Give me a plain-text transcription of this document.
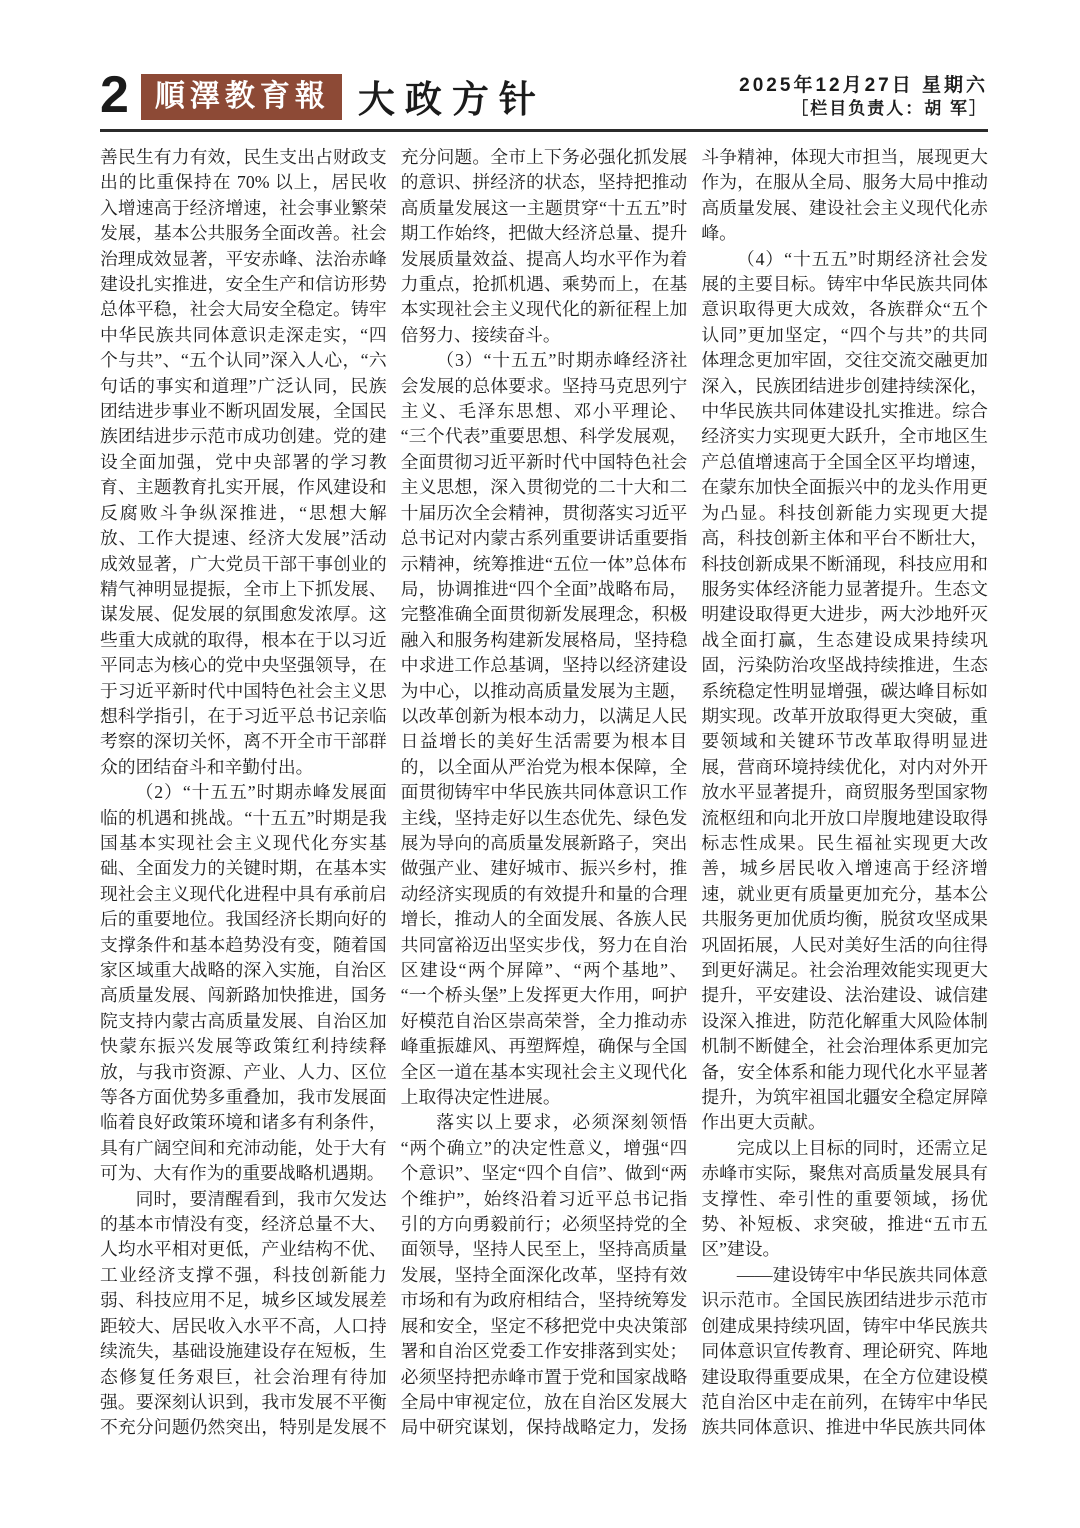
2 順澤教育報 大政方针	2025年12月27日 星期六
［栏目负责人：胡 军］

善民生有力有效，民生支出占财政支出的比重保持在 70% 以上，居民收入增速高于经济增速，社会事业繁荣发展，基本公共服务全面改善。社会治理成效显著，平安赤峰、法治赤峰建设扎实推进，安全生产和信访形势总体平稳，社会大局安全稳定。铸牢中华民族共同体意识走深走实，“四个与共”、“五个认同”深入人心，“六句话的事实和道理”广泛认同，民族团结进步事业不断巩固发展，全国民族团结进步示范市成功创建。党的建设全面加强，党中央部署的学习教育、主题教育扎实开展，作风建设和反腐败斗争纵深推进，“思想大解放、工作大提速、经济大发展”活动成效显著，广大党员干部干事创业的精气神明显提振，全市上下抓发展、谋发展、促发展的氛围愈发浓厚。这些重大成就的取得，根本在于以习近平同志为核心的党中央坚强领导，在于习近平新时代中国特色社会主义思想科学指引，在于习近平总书记亲临考察的深切关怀，离不开全市干部群众的团结奋斗和辛勤付出。

（2）“十五五”时期赤峰发展面临的机遇和挑战。“十五五”时期是我国基本实现社会主义现代化夯实基础、全面发力的关键时期，在基本实现社会主义现代化进程中具有承前启后的重要地位。我国经济长期向好的支撑条件和基本趋势没有变，随着国家区域重大战略的深入实施，自治区高质量发展、闯新路加快推进，国务院支持内蒙古高质量发展、自治区加快蒙东振兴发展等政策红利持续释放，与我市资源、产业、人力、区位等各方面优势多重叠加，我市发展面临着良好政策环境和诸多有利条件，具有广阔空间和充沛动能，处于大有可为、大有作为的重要战略机遇期。

同时，要清醒看到，我市欠发达的基本市情没有变，经济总量不大、人均水平相对更低，产业结构不优、工业经济支撑不强，科技创新能力弱、科技应用不足，城乡区域发展差距较大、居民收入水平不高，人口持续流失，基础设施建设存在短板，生态修复任务艰巨，社会治理有待加强。要深刻认识到，我市发展不平衡不充分问题仍然突出，特别是发展不充分问题。全市上下务必强化抓发展的意识、拼经济的状态，坚持把推动高质量发展这一主题贯穿“十五五”时期工作始终，把做大经济总量、提升发展质量效益、提高人均水平作为着力重点，抢抓机遇、乘势而上，在基本实现社会主义现代化的新征程上加倍努力、接续奋斗。

（3）“十五五”时期赤峰经济社会发展的总体要求。坚持马克思列宁主义、毛泽东思想、邓小平理论、“三个代表”重要思想、科学发展观，全面贯彻习近平新时代中国特色社会主义思想，深入贯彻党的二十大和二十届历次全会精神，贯彻落实习近平总书记对内蒙古系列重要讲话重要指示精神，统筹推进“五位一体”总体布局，协调推进“四个全面”战略布局，完整准确全面贯彻新发展理念，积极融入和服务构建新发展格局，坚持稳中求进工作总基调，坚持以经济建设为中心，以推动高质量发展为主题，以改革创新为根本动力，以满足人民日益增长的美好生活需要为根本目的，以全面从严治党为根本保障，全面贯彻铸牢中华民族共同体意识工作主线，坚持走好以生态优先、绿色发展为导向的高质量发展新路子，突出做强产业、建好城市、振兴乡村，推动经济实现质的有效提升和量的合理增长，推动人的全面发展、各族人民共同富裕迈出坚实步伐，努力在自治区建设“两个屏障”、“两个基地”、“一个桥头堡”上发挥更大作用，呵护好模范自治区崇高荣誉，全力推动赤峰重振雄风、再塑辉煌，确保与全国全区一道在基本实现社会主义现代化上取得决定性进展。

落实以上要求，必须深刻领悟“两个确立”的决定性意义，增强“四个意识”、坚定“四个自信”、做到“两个维护”，始终沿着习近平总书记指引的方向勇毅前行；必须坚持党的全面领导，坚持人民至上，坚持高质量发展，坚持全面深化改革，坚持有效市场和有为政府相结合，坚持统筹发展和安全，坚定不移把党中央决策部署和自治区党委工作安排落到实处；必须坚持把赤峰市置于党和国家战略全局中审视定位，放在自治区发展大局中研究谋划，保持战略定力，发扬斗争精神，体现大市担当，展现更大作为，在服从全局、服务大局中推动高质量发展、建设社会主义现代化赤峰。

（4）“十五五”时期经济社会发展的主要目标。铸牢中华民族共同体意识取得更大成效，各族群众“五个认同”更加坚定，“四个与共”的共同体理念更加牢固，交往交流交融更加深入，民族团结进步创建持续深化，中华民族共同体建设扎实推进。综合经济实力实现更大跃升，全市地区生产总值增速高于全国全区平均增速，在蒙东加快全面振兴中的龙头作用更为凸显。科技创新能力实现更大提高，科技创新主体和平台不断壮大，科技创新成果不断涌现，科技应用和服务实体经济能力显著提升。生态文明建设取得更大进步，两大沙地歼灭战全面打赢，生态建设成果持续巩固，污染防治攻坚战持续推进，生态系统稳定性明显增强，碳达峰目标如期实现。改革开放取得更大突破，重要领域和关键环节改革取得明显进展，营商环境持续优化，对内对外开放水平显著提升，商贸服务型国家物流枢纽和向北开放口岸腹地建设取得标志性成果。民生福祉实现更大改善，城乡居民收入增速高于经济增速，就业更有质量更加充分，基本公共服务更加优质均衡，脱贫攻坚成果巩固拓展，人民对美好生活的向往得到更好满足。社会治理效能实现更大提升，平安建设、法治建设、诚信建设深入推进，防范化解重大风险体制机制不断健全，社会治理体系更加完备，安全体系和能力现代化水平显著提升，为筑牢祖国北疆安全稳定屏障作出更大贡献。

完成以上目标的同时，还需立足赤峰市实际，聚焦对高质量发展具有支撑性、牵引性的重要领域，扬优势、补短板、求突破，推进“五市五区”建设。

——建设铸牢中华民族共同体意识示范市。全国民族团结进步示范市创建成果持续巩固，铸牢中华民族共同体意识宣传教育、理论研究、阵地建设取得重要成果，在全方位建设模范自治区中走在前列，在铸牢中华民族共同体意识、推进中华民族共同体
